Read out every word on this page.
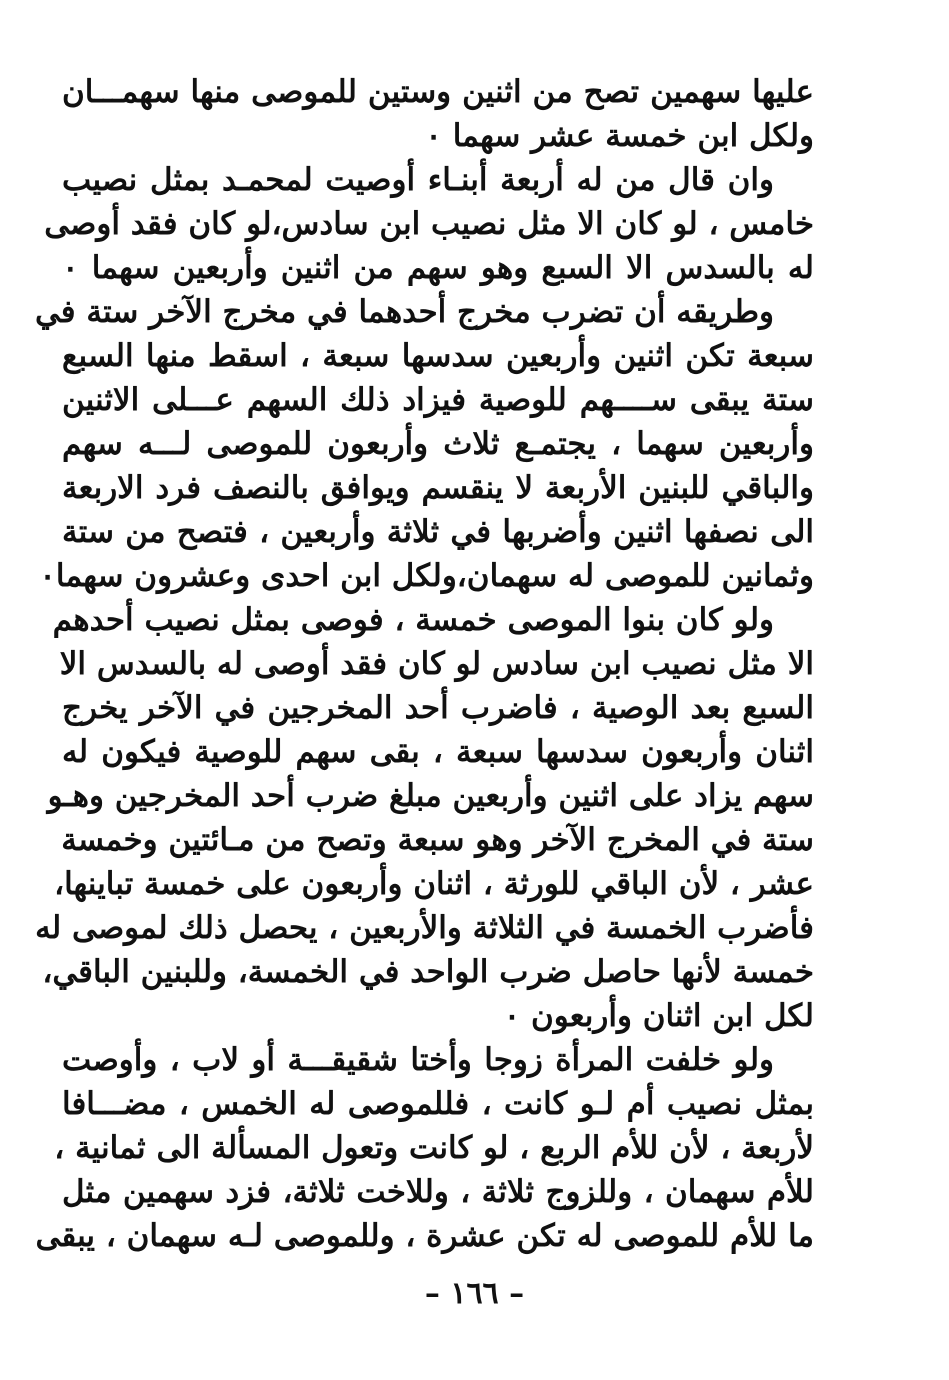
عليها سهمين تصح من اثنين وستين للموصى منها سهمـــان
ولكل ابن خمسة عشر سهما ٠
وان قال من له أربعة أبنـاء أوصيت لمحمـد بمثل نصيب
خامس ، لو كان الا مثل نصيب ابن سادس،لو كان فقد أوصى
له بالسدس الا السبع وهو سهم من اثنين وأربعين سهما ٠
وطريقه أن تضرب مخرج أحدهما في مخرج الآخر ستة في
سبعة تكن اثنين وأربعين سدسها سبعة ، اسقط منها السبع
ستة يبقى ســــهم للوصية فيزاد ذلك السهم عـــلى الاثنين
وأربعين سهما ، يجتمـع ثلاث وأربعون للموصى لـــه سهم
والباقي للبنين الأربعة لا ينقسم ويوافق بالنصف فرد الاربعة
الى نصفها اثنين وأضربها في ثلاثة وأربعين ، فتصح من ستة
وثمانين للموصى له سهمان،ولكل ابن احدى وعشرون سهما٠
ولو كان بنوا الموصى خمسة ، فوصى بمثل نصيب أحدهم
الا مثل نصيب ابن سادس لو كان فقد أوصى له بالسدس الا
السبع بعد الوصية ، فاضرب أحد المخرجين في الآخر يخرج
اثنان وأربعون سدسها سبعة ، بقى سهم للوصية فيكون له
سهم يزاد على اثنين وأربعين مبلغ ضرب أحد المخرجين وهـو
ستة في المخرج الآخر وهو سبعة وتصح من مـائتين وخمسة
عشر ، لأن الباقي للورثة ، اثنان وأربعون على خمسة تباينها،
فأضرب الخمسة في الثلاثة والأربعين ، يحصل ذلك لموصى له
خمسة لأنها حاصل ضرب الواحد في الخمسة، وللبنين الباقي،
لكل ابن اثنان وأربعون ٠
ولو خلفت المرأة زوجا وأختا شقيقـــة أو لاب ، وأوصت
بمثل نصيب أم لـو كانت ، فللموصى له الخمس ، مضـــافا
لأربعة ، لأن للأم الربع ، لو كانت وتعول المسألة الى ثمانية ،
للأم سهمان ، وللزوج ثلاثة ، وللاخت ثلاثة، فزد سهمين مثل
ما للأم للموصى له تكن عشرة ، وللموصى لـه سهمان ، يبقى
– ١٦٦ –
